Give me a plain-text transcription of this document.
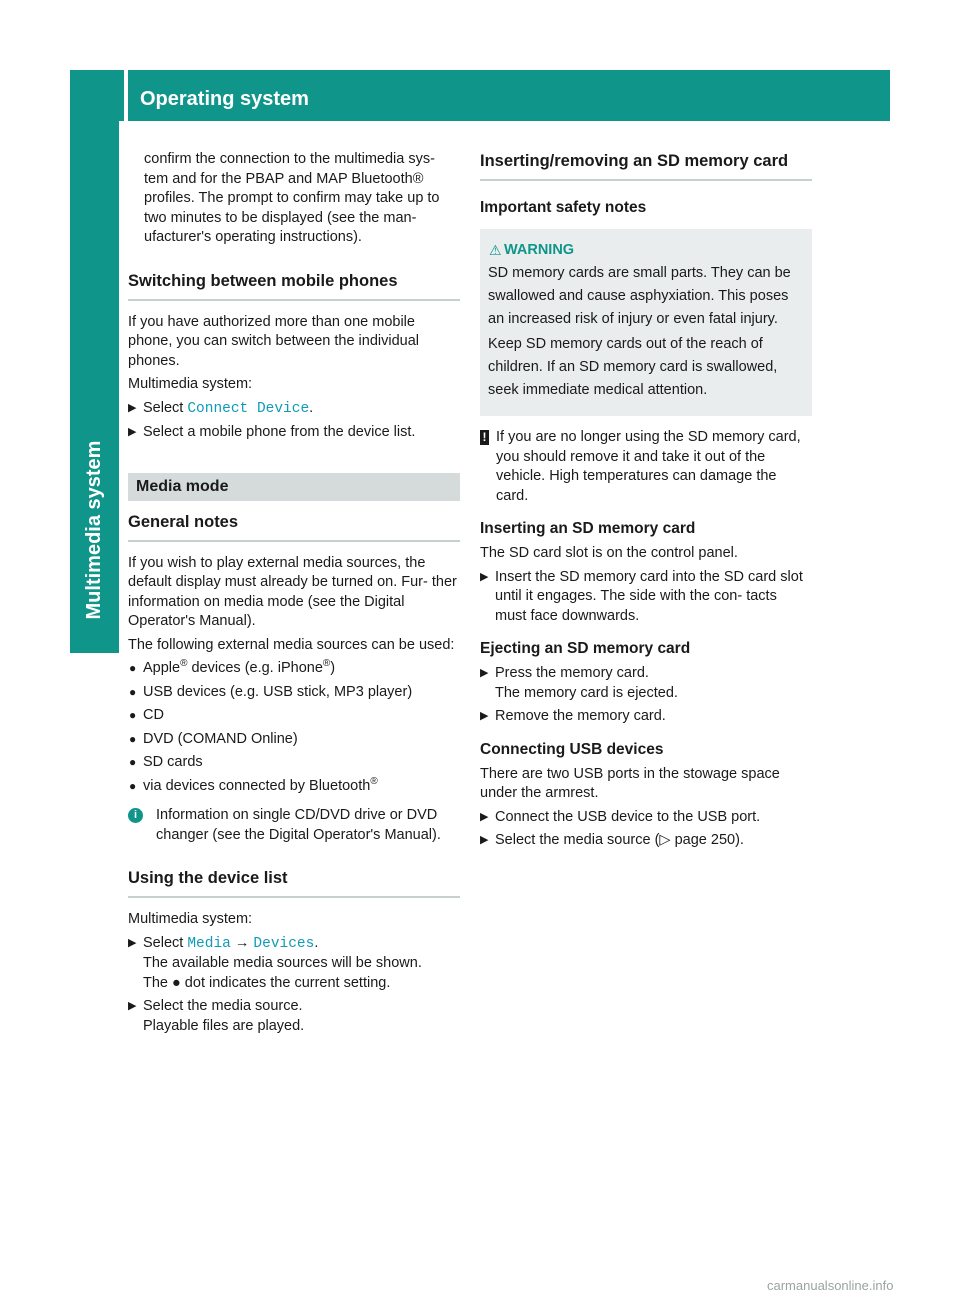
Operating system
Multimedia system

confirm the connection to the multimedia sys- tem and for the PBAP and MAP Bluetooth® profiles. The prompt to confirm may take up to two minutes to be displayed (see the man- ufacturer's operating instructions).

Switching between mobile phones

If you have authorized more than one mobile phone, you can switch between the individual phones.

Multimedia system:

▶ Select Connect Device.
▶ Select a mobile phone from the device list.
Media mode
General notes

If you wish to play external media sources, the default display must already be turned on. Fur- ther information on media mode (see the Digital Operator's Manual).

The following external media sources can be used:

● Apple® devices (e.g. iPhone®)
● USB devices (e.g. USB stick, MP3 player)
● CD
● DVD (COMAND Online)
● SD cards
● via devices connected by Bluetooth®
i	Information on single CD/DVD drive or DVD changer (see the Digital Operator's Manual).
Using the device list

Multimedia system:

▶ Select Media → Devices.
The available media sources will be shown.
The ● dot indicates the current setting.
▶ Select the media source.
Playable files are played.
Inserting/removing an SD memory card
Important safety notes
⚠ WARNING

SD memory cards are small parts. They can be swallowed and cause asphyxiation. This poses an increased risk of injury or even fatal injury.

Keep SD memory cards out of the reach of children. If an SD memory card is swallowed, seek immediate medical attention.

! If you are no longer using the SD memory card, you should remove it and take it out of the vehicle. High temperatures can damage the card.
Inserting an SD memory card

The SD card slot is on the control panel.

▶ Insert the SD memory card into the SD card slot until it engages. The side with the con- tacts must face downwards.
Ejecting an SD memory card
▶ Press the memory card.
The memory card is ejected.
▶ Remove the memory card.
Connecting USB devices

There are two USB ports in the stowage space under the armrest.

▶ Connect the USB device to the USB port.
▶ Select the media source (▷ page 250).
carmanualsonline.info
